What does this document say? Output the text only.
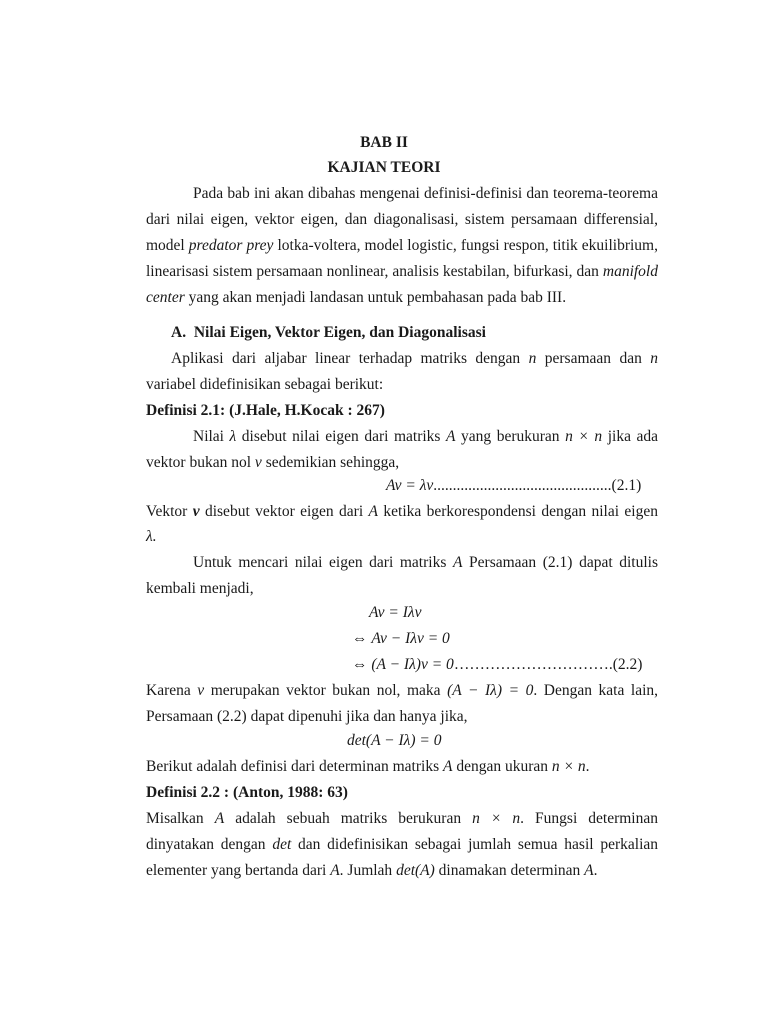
BAB II
KAJIAN TEORI
Pada bab ini akan dibahas mengenai definisi-definisi dan teorema-teorema
dari nilai eigen, vektor eigen, dan diagonalisasi, sistem persamaan differensial,
model predator prey lotka-voltera, model logistic, fungsi respon, titik ekuilibrium,
linearisasi sistem persamaan nonlinear, analisis kestabilan, bifurkasi, dan manifold
center yang akan menjadi landasan untuk pembahasan pada bab III.
A. Nilai Eigen, Vektor Eigen, dan Diagonalisasi
Aplikasi dari aljabar linear terhadap matriks dengan n persamaan dan n
variabel didefinisikan sebagai berikut:
Definisi 2.1: (J.Hale, H.Kocak : 267)
Nilai λ disebut nilai eigen dari matriks A yang berukuran n × n jika ada
vektor bukan nol v sedemikian sehingga,
Av = λv..............................................(2.1)
Vektor v disebut vektor eigen dari A ketika berkorespondensi dengan nilai eigen
λ.
Untuk mencari nilai eigen dari matriks A Persamaan (2.1) dapat ditulis
kembali menjadi,
Av = Iλv
⇔ Av − Iλv = 0
⇔ (A − Iλ)v = 0………………………….(2.2)
Karena v merupakan vektor bukan nol, maka (A − Iλ) = 0. Dengan kata lain,
Persamaan (2.2) dapat dipenuhi jika dan hanya jika,
det(A − Iλ) = 0
Berikut adalah definisi dari determinan matriks A dengan ukuran n × n.
Definisi 2.2 : (Anton, 1988: 63)
Misalkan A adalah sebuah matriks berukuran n × n. Fungsi determinan
dinyatakan dengan det dan didefinisikan sebagai jumlah semua hasil perkalian
elementer yang bertanda dari A. Jumlah det(A) dinamakan determinan A.
